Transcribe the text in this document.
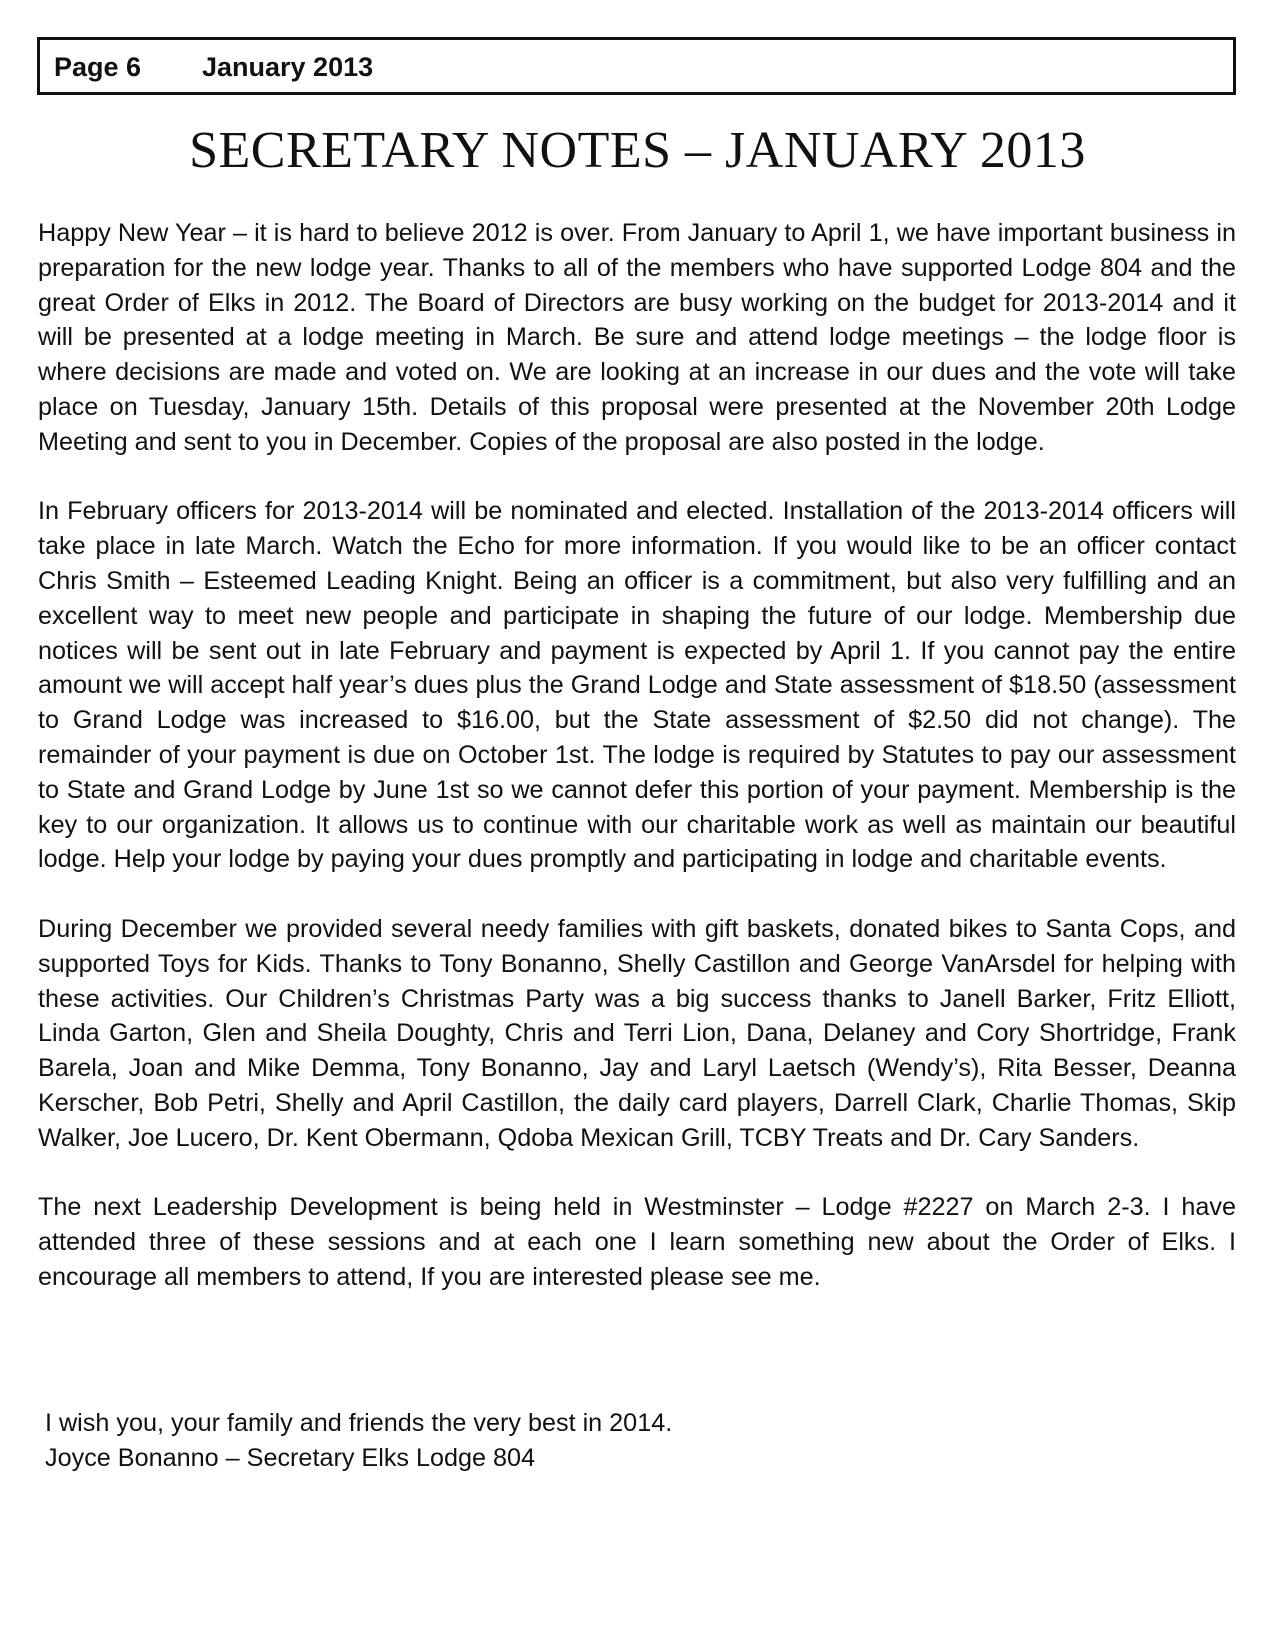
Page 6 January 2013
SECRETARY NOTES – JANUARY 2013

Happy New Year – it is hard to believe 2012 is over. From January to April 1, we have important business in preparation for the new lodge year. Thanks to all of the members who have supported Lodge 804 and the great Order of Elks in 2012. The Board of Directors are busy working on the budget for 2013-2014 and it will be presented at a lodge meeting in March. Be sure and attend lodge meetings – the lodge floor is where decisions are made and voted on. We are looking at an increase in our dues and the vote will take place on Tuesday, January 15th. Details of this proposal were presented at the November 20th Lodge Meeting and sent to you in December. Copies of the proposal are also posted in the lodge.

In February officers for 2013-2014 will be nominated and elected. Installation of the 2013-2014 officers will take place in late March. Watch the Echo for more information. If you would like to be an officer contact Chris Smith – Esteemed Leading Knight. Being an officer is a commitment, but also very fulfilling and an excellent way to meet new people and participate in shaping the future of our lodge. Membership due notices will be sent out in late February and payment is expected by April 1. If you cannot pay the entire amount we will accept half year’s dues plus the Grand Lodge and State assessment of $18.50 (assessment to Grand Lodge was increased to $16.00, but the State assessment of $2.50 did not change). The remainder of your payment is due on October 1st. The lodge is required by Statutes to pay our assessment to State and Grand Lodge by June 1st so we cannot defer this portion of your payment. Membership is the key to our organization. It allows us to continue with our charitable work as well as maintain our beautiful lodge. Help your lodge by paying your dues promptly and participating in lodge and charitable events.

During December we provided several needy families with gift baskets, donated bikes to Santa Cops, and supported Toys for Kids. Thanks to Tony Bonanno, Shelly Castillon and George VanArsdel for helping with these activities. Our Children’s Christmas Party was a big success thanks to Janell Barker, Fritz Elliott, Linda Garton, Glen and Sheila Doughty, Chris and Terri Lion, Dana, Delaney and Cory Shortridge, Frank Barela, Joan and Mike Demma, Tony Bonanno, Jay and Laryl Laetsch (Wendy’s), Rita Besser, Deanna Kerscher, Bob Petri, Shelly and April Castillon, the daily card players, Darrell Clark, Charlie Thomas, Skip Walker, Joe Lucero, Dr. Kent Obermann, Qdoba Mexican Grill, TCBY Treats and Dr. Cary Sanders.

The next Leadership Development is being held in Westminster – Lodge #2227 on March 2-3. I have attended three of these sessions and at each one I learn something new about the Order of Elks. I encourage all members to attend, If you are interested please see me.

I wish you, your family and friends the very best in 2014.
Joyce Bonanno – Secretary Elks Lodge 804
